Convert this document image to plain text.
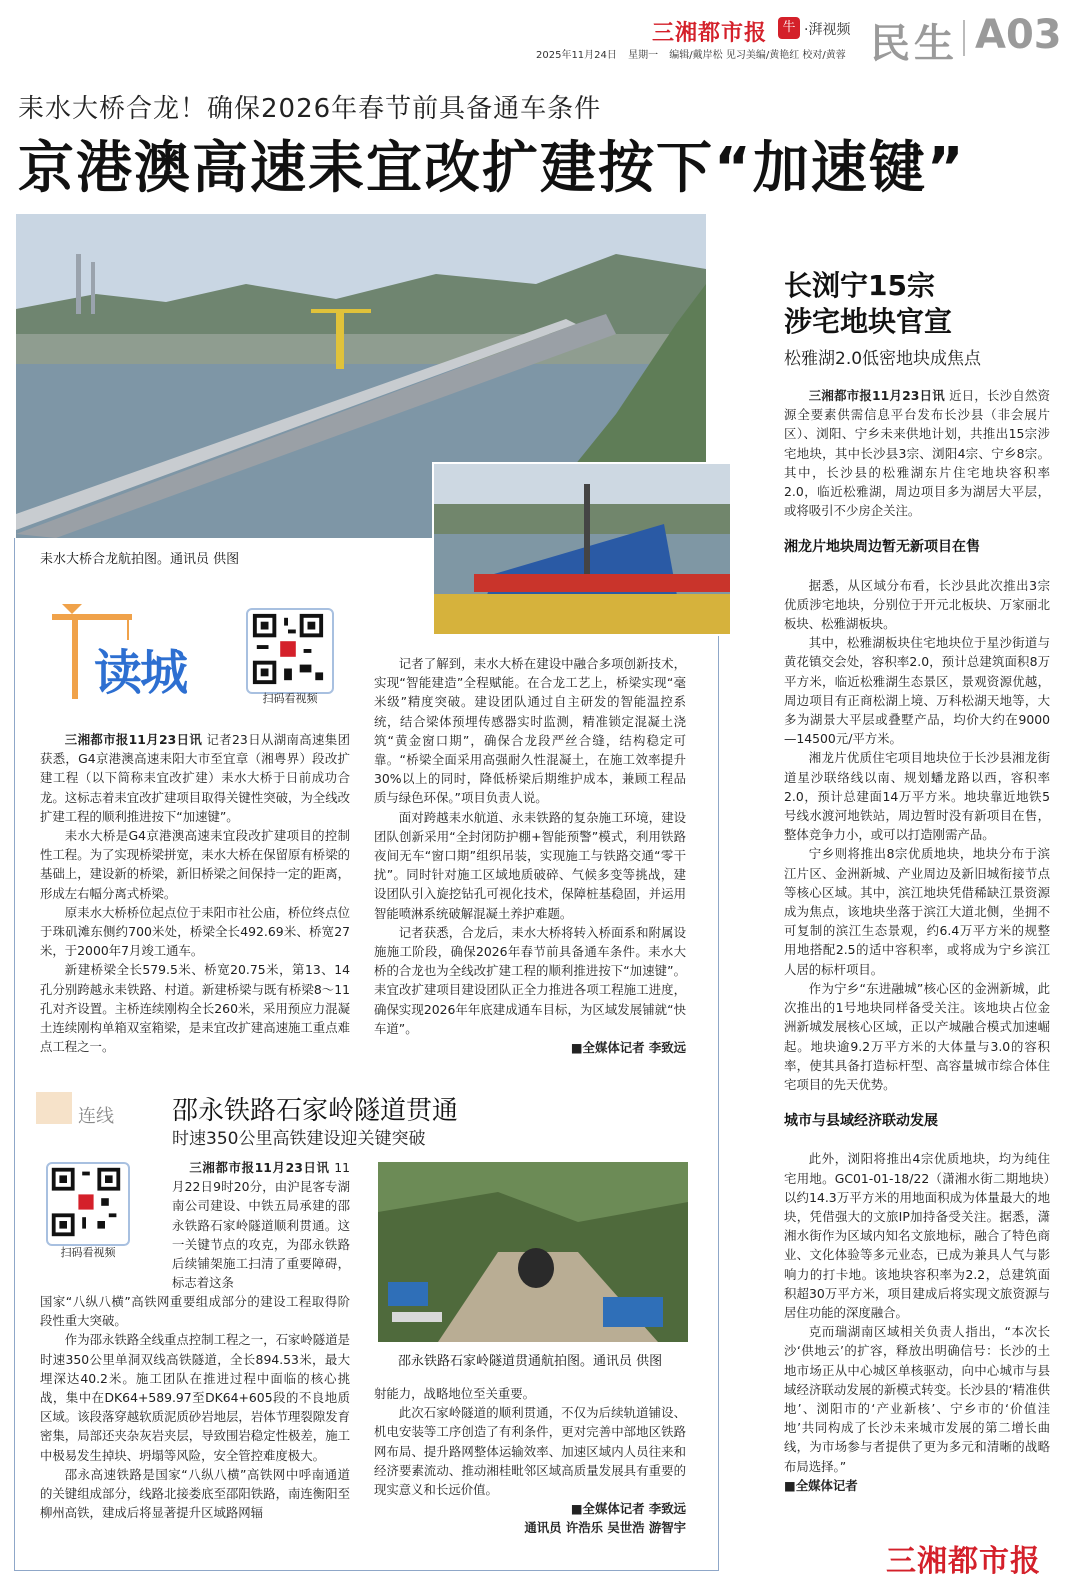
三湘都市报	牛 ·湃视频
2025年11月24日 星期一 编辑/戴岸松 见习美编/黄艳红 校对/黄蓉 民生 A03
耒水大桥合龙！确保2026年春节前具备通车条件
京港澳高速耒宜改扩建按下“加速键”
耒水大桥合龙航拍图。通讯员 供图
读城	扫码看视频

三湘都市报11月23日讯 记者23日从湖南高速集团获悉，G4京港澳高速耒阳大市至宜章（湘粤界）段改扩建工程（以下简称耒宜改扩建）耒水大桥于日前成功合龙。这标志着耒宜改扩建项目取得关键性突破，为全线改扩建工程的顺利推进按下“加速键”。

耒水大桥是G4京港澳高速耒宜段改扩建项目的控制性工程。为了实现桥梁拼宽，耒水大桥在保留原有桥梁的基础上，建设新的桥梁，新旧桥梁之间保持一定的距离，形成左右幅分离式桥梁。

原耒水大桥桥位起点位于耒阳市社公庙，桥位终点位于珠矶滩东侧约700米处，桥梁全长492.69米、桥宽27米，于2000年7月竣工通车。

新建桥梁全长579.5米、桥宽20.75米，第13、14孔分别跨越永耒铁路、村道。新建桥梁与既有桥梁8～11孔对齐设置。主桥连续刚构全长260米，采用预应力混凝土连续刚构单箱双室箱梁，是耒宜改扩建高速施工重点难点工程之一。

记者了解到，耒水大桥在建设中融合多项创新技术，实现“智能建造”全程赋能。在合龙工艺上，桥梁实现“毫米级”精度突破。建设团队通过自主研发的智能温控系统，结合梁体预埋传感器实时监测，精准锁定混凝土浇筑“黄金窗口期”，确保合龙段严丝合缝，结构稳定可靠。“桥梁全面采用高强耐久性混凝土，在施工效率提升30%以上的同时，降低桥梁后期维护成本，兼顾工程品质与绿色环保。”项目负责人说。

面对跨越耒水航道、永耒铁路的复杂施工环境，建设团队创新采用“全封闭防护棚+智能预警”模式，利用铁路夜间无车“窗口期”组织吊装，实现施工与铁路交通“零干扰”。同时针对施工区域地质破碎、气候多变等挑战，建设团队引入旋挖钻孔可视化技术，保障桩基稳固，并运用智能喷淋系统破解混凝土养护难题。

记者获悉，合龙后，耒水大桥将转入桥面系和附属设施施工阶段，确保2026年春节前具备通车条件。耒水大桥的合龙也为全线改扩建工程的顺利推进按下“加速键”。耒宜改扩建项目建设团队正全力推进各项工程施工进度，确保实现2026年年底建成通车目标，为区域发展铺就“快车道”。

■全媒体记者 李致远

连线 邵永铁路石家岭隧道贯通
时速350公里高铁建设迎关键突破
扫码看视频

三湘都市报11月23日讯 11月22日9时20分，由沪昆客专湖南公司建设、中铁五局承建的邵永铁路石家岭隧道顺利贯通。这一关键节点的攻克，为邵永铁路后续铺架施工扫清了重要障碍，标志着这条

国家“八纵八横”高铁网重要组成部分的建设工程取得阶段性重大突破。

作为邵永铁路全线重点控制工程之一，石家岭隧道是时速350公里单洞双线高铁隧道，全长894.53米，最大埋深达40.2米。施工团队在推进过程中面临的核心挑战，集中在DK64+589.97至DK64+605段的不良地质区域。该段落穿越软质泥质砂岩地层，岩体节理裂隙发育密集，局部还夹杂灰岩夹层，导致围岩稳定性极差，施工中极易发生掉块、坍塌等风险，安全管控难度极大。

邵永高速铁路是国家“八纵八横”高铁网中呼南通道的关键组成部分，线路北接娄底至邵阳铁路，南连衡阳至柳州高铁，建成后将显著提升区域路网辐

邵永铁路石家岭隧道贯通航拍图。通讯员 供图

射能力，战略地位至关重要。

此次石家岭隧道的顺利贯通，不仅为后续轨道铺设、机电安装等工序创造了有利条件，更对完善中部地区铁路网布局、提升路网整体运输效率、加速区域内人员往来和经济要素流动、推动湘桂毗邻区域高质量发展具有重要的现实意义和长远价值。

■全媒体记者 李致远

通讯员 许浩乐 吴世浩 游智宇

长浏宁15宗
涉宅地块官宣
松雅湖2.0低密地块成焦点

三湘都市报11月23日讯 近日，长沙自然资源全要素供需信息平台发布长沙县（非会展片区）、浏阳、宁乡未来供地计划，共推出15宗涉宅地块，其中长沙县3宗、浏阳4宗、宁乡8宗。其中，长沙县的松雅湖东片住宅地块容积率2.0，临近松雅湖，周边项目多为湖居大平层，或将吸引不少房企关注。

湘龙片地块周边暂无新项目在售

据悉，从区域分布看，长沙县此次推出3宗优质涉宅地块，分别位于开元北板块、万家丽北板块、松雅湖板块。

其中，松雅湖板块住宅地块位于星沙街道与黄花镇交会处，容积率2.0，预计总建筑面积8万平方米，临近松雅湖生态景区，景观资源优越，周边项目有正商松湖上境、万科松湖天地等，大多为湖景大平层或叠墅产品，均价大约在9000—14500元/平方米。

湘龙片优质住宅项目地块位于长沙县湘龙街道星沙联络线以南、规划蟠龙路以西，容积率2.0，预计总建面14万平方米。地块靠近地铁5号线水渡河地铁站，周边暂时没有新项目在售，整体竞争力小，或可以打造刚需产品。

宁乡则将推出8宗优质地块，地块分布于滨江片区、金洲新城、产业周边及新旧城衔接节点等核心区域。其中，滨江地块凭借稀缺江景资源成为焦点，该地块坐落于滨江大道北侧，坐拥不可复制的滨江生态景观，约6.4万平方米的规整用地搭配2.5的适中容积率，或将成为宁乡滨江人居的标杆项目。

作为宁乡“东进融城”核心区的金洲新城，此次推出的1号地块同样备受关注。该地块占位金洲新城发展核心区域，正以产城融合模式加速崛起。地块逾9.2万平方米的大体量与3.0的容积率，使其具备打造标杆型、高容量城市综合体住宅项目的先天优势。

城市与县域经济联动发展

此外，浏阳将推出4宗优质地块，均为纯住宅用地。GC01-01-18/22（潇湘水街二期地块）以约14.3万平方米的用地面积成为体量最大的地块，凭借强大的文旅IP加持备受关注。据悉，潇湘水街作为区域内知名文旅地标，融合了特色商业、文化体验等多元业态，已成为兼具人气与影响力的打卡地。该地块容积率为2.2，总建筑面积超30万平方米，项目建成后将实现文旅资源与居住功能的深度融合。

克而瑞湖南区域相关负责人指出，“本次长沙‘供地云’的扩容，释放出明确信号：长沙的土地市场正从中心城区单核驱动，向中心城市与县域经济联动发展的新模式转变。长沙县的‘精准供地’、浏阳市的‘产业新核’、宁乡市的‘价值洼地’共同构成了长沙未来城市发展的第二增长曲线，为市场参与者提供了更为多元和清晰的战略布局选择。”

■全媒体记者

三湘都市报
